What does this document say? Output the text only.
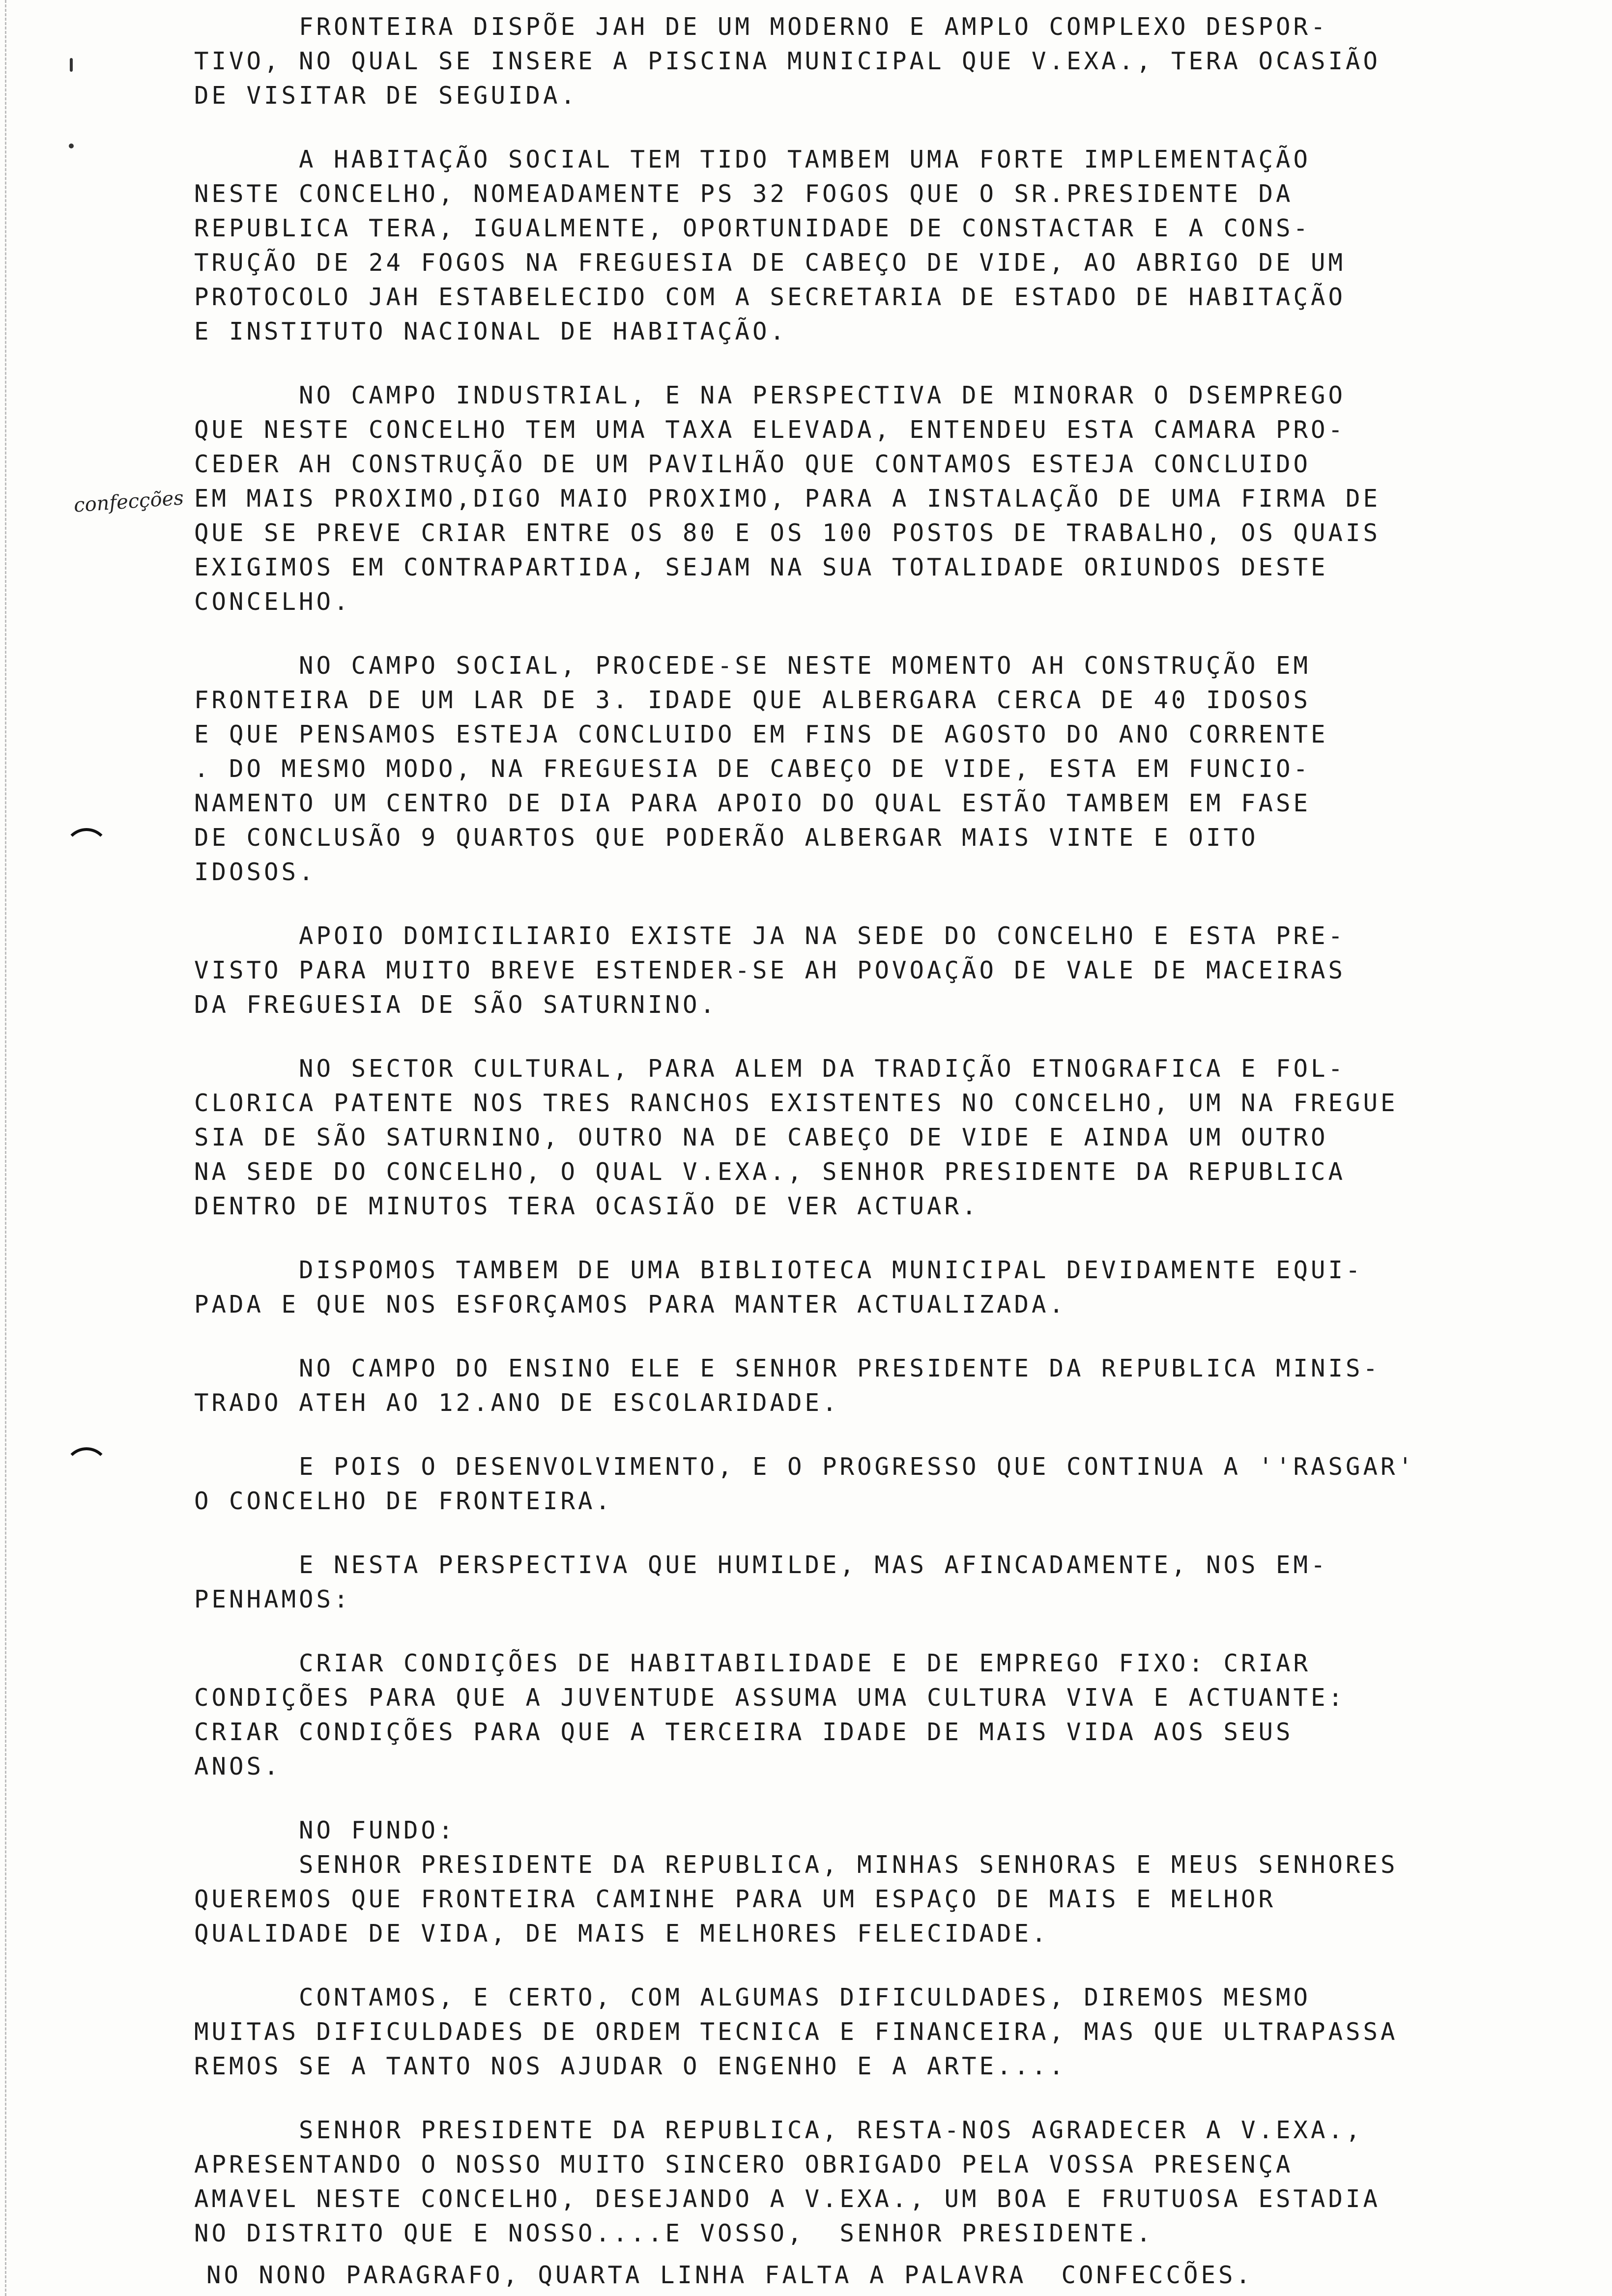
confecções
FRONTEIRA DISPÕE JAH DE UM MODERNO E AMPLO COMPLEXO DESPOR-
TIVO, NO QUAL SE INSERE A PISCINA MUNICIPAL QUE V.EXA., TERA OCASIÃO
DE VISITAR DE SEGUIDA.
A HABITAÇÃO SOCIAL TEM TIDO TAMBEM UMA FORTE IMPLEMENTAÇÃO
NESTE CONCELHO, NOMEADAMENTE PS 32 FOGOS QUE O SR.PRESIDENTE DA
REPUBLICA TERA, IGUALMENTE, OPORTUNIDADE DE CONSTACTAR E A CONS-
TRUÇÃO DE 24 FOGOS NA FREGUESIA DE CABEÇO DE VIDE, AO ABRIGO DE UM
PROTOCOLO JAH ESTABELECIDO COM A SECRETARIA DE ESTADO DE HABITAÇÃO
E INSTITUTO NACIONAL DE HABITAÇÃO.
NO CAMPO INDUSTRIAL, E NA PERSPECTIVA DE MINORAR O DSEMPREGO
QUE NESTE CONCELHO TEM UMA TAXA ELEVADA, ENTENDEU ESTA CAMARA PRO-
CEDER AH CONSTRUÇÃO DE UM PAVILHÃO QUE CONTAMOS ESTEJA CONCLUIDO
EM MAIS PROXIMO,DIGO MAIO PROXIMO, PARA A INSTALAÇÃO DE UMA FIRMA DE
QUE SE PREVE CRIAR ENTRE OS 80 E OS 100 POSTOS DE TRABALHO, OS QUAIS
EXIGIMOS EM CONTRAPARTIDA, SEJAM NA SUA TOTALIDADE ORIUNDOS DESTE
CONCELHO.
NO CAMPO SOCIAL, PROCEDE-SE NESTE MOMENTO AH CONSTRUÇÃO EM
FRONTEIRA DE UM LAR DE 3. IDADE QUE ALBERGARA CERCA DE 40 IDOSOS
E QUE PENSAMOS ESTEJA CONCLUIDO EM FINS DE AGOSTO DO ANO CORRENTE
. DO MESMO MODO, NA FREGUESIA DE CABEÇO DE VIDE, ESTA EM FUNCIO-
NAMENTO UM CENTRO DE DIA PARA APOIO DO QUAL ESTÃO TAMBEM EM FASE
DE CONCLUSÃO 9 QUARTOS QUE PODERÃO ALBERGAR MAIS VINTE E OITO
IDOSOS.
APOIO DOMICILIARIO EXISTE JA NA SEDE DO CONCELHO E ESTA PRE-
VISTO PARA MUITO BREVE ESTENDER-SE AH POVOAÇÃO DE VALE DE MACEIRAS
DA FREGUESIA DE SÃO SATURNINO.
NO SECTOR CULTURAL, PARA ALEM DA TRADIÇÃO ETNOGRAFICA E FOL-
CLORICA PATENTE NOS TRES RANCHOS EXISTENTES NO CONCELHO, UM NA FREGUE
SIA DE SÃO SATURNINO, OUTRO NA DE CABEÇO DE VIDE E AINDA UM OUTRO
NA SEDE DO CONCELHO, O QUAL V.EXA., SENHOR PRESIDENTE DA REPUBLICA
DENTRO DE MINUTOS TERA OCASIÃO DE VER ACTUAR.
DISPOMOS TAMBEM DE UMA BIBLIOTECA MUNICIPAL DEVIDAMENTE EQUI-
PADA E QUE NOS ESFORÇAMOS PARA MANTER ACTUALIZADA.
NO CAMPO DO ENSINO ELE E SENHOR PRESIDENTE DA REPUBLICA MINIS-
TRADO ATEH AO 12.ANO DE ESCOLARIDADE.
E POIS O DESENVOLVIMENTO, E O PROGRESSO QUE CONTINUA A ''RASGAR'
O CONCELHO DE FRONTEIRA.
E NESTA PERSPECTIVA QUE HUMILDE, MAS AFINCADAMENTE, NOS EM-
PENHAMOS:
CRIAR CONDIÇÕES DE HABITABILIDADE E DE EMPREGO FIXO: CRIAR
CONDIÇÕES PARA QUE A JUVENTUDE ASSUMA UMA CULTURA VIVA E ACTUANTE:
CRIAR CONDIÇÕES PARA QUE A TERCEIRA IDADE DE MAIS VIDA AOS SEUS
ANOS.
NO FUNDO:
SENHOR PRESIDENTE DA REPUBLICA, MINHAS SENHORAS E MEUS SENHORES
QUEREMOS QUE FRONTEIRA CAMINHE PARA UM ESPAÇO DE MAIS E MELHOR
QUALIDADE DE VIDA, DE MAIS E MELHORES FELECIDADE.
CONTAMOS, E CERTO, COM ALGUMAS DIFICULDADES, DIREMOS MESMO
MUITAS DIFICULDADES DE ORDEM TECNICA E FINANCEIRA, MAS QUE ULTRAPASSA
REMOS SE A TANTO NOS AJUDAR O ENGENHO E A ARTE....
SENHOR PRESIDENTE DA REPUBLICA, RESTA-NOS AGRADECER A V.EXA.,
APRESENTANDO O NOSSO MUITO SINCERO OBRIGADO PELA VOSSA PRESENÇA
AMAVEL NESTE CONCELHO, DESEJANDO A V.EXA., UM BOA E FRUTUOSA ESTADIA
NO DISTRITO QUE E NOSSO....E VOSSO,  SENHOR PRESIDENTE.
NO NONO PARAGRAFO, QUARTA LINHA FALTA A PALAVRA  CONFECCÕES.
